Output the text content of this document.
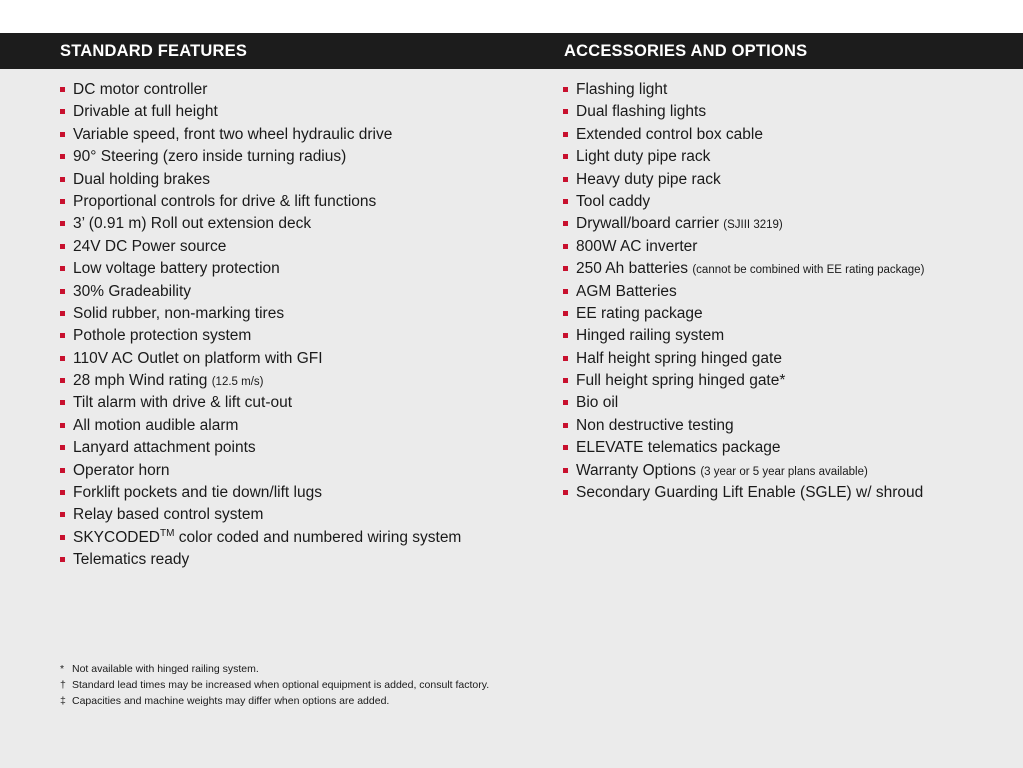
STANDARD FEATURES	ACCESSORIES AND OPTIONS
DC motor controller
Drivable at full height
Variable speed, front two wheel hydraulic drive
90° Steering (zero inside turning radius)
Dual holding brakes
Proportional controls for drive & lift functions
3’ (0.91 m) Roll out extension deck
24V DC Power source
Low voltage battery protection
30% Gradeability
Solid rubber, non-marking tires
Pothole protection system
110V AC Outlet on platform with GFI
28 mph Wind rating (12.5 m/s)
Tilt alarm with drive & lift cut-out
All motion audible alarm
Lanyard attachment points
Operator horn
Forklift pockets and tie down/lift lugs
Relay based control system
SKYCODED™ color coded and numbered wiring system
Telematics ready
Flashing light
Dual flashing lights
Extended control box cable
Light duty pipe rack
Heavy duty pipe rack
Tool caddy
Drywall/board carrier (SJIII 3219)
800W AC inverter
250 Ah batteries (cannot be combined with EE rating package)
AGM Batteries
EE rating package
Hinged railing system
Half height spring hinged gate
Full height spring hinged gate*
Bio oil
Non destructive testing
ELEVATE telematics package
Warranty Options (3 year or 5 year plans available)
Secondary Guarding Lift Enable (SGLE) w/ shroud
* Not available with hinged railing system.
† Standard lead times may be increased when optional equipment is added, consult factory.
‡ Capacities and machine weights may differ when options are added.
